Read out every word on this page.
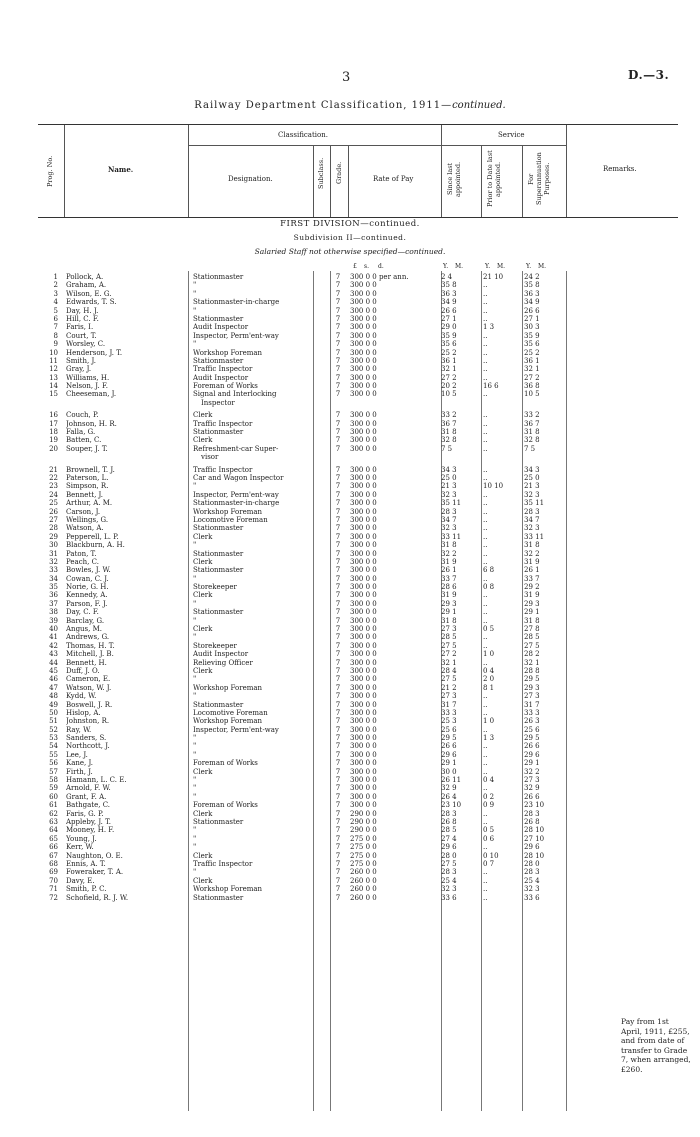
3	D.—3.
Railway Department Classification, 1911—continued.
Prog. No.	Name.
Classification.	Service
Designation.	Subclass. Grade.	Rate of Pay	Since last appointed.	Prior to Date last appointed.	For Superannuation Purposes.	Remarks.
FIRST DIVISION—continued.
Subdivision II—continued.
Salaried Staff not otherwise specified—continued.
£ s. d.	Y. M.	Y. M.	Y. M.
1 Pollock, A.	Stationmaster	7	300 0 0 per ann.	2 4	21 10	24 2
2 Graham, A.	"	7	300 0 0	35 8	..	35 8
3 Wilson, E. G.	"	7	300 0 0	36 3	..	36 3
4 Edwards, T. S.	Stationmaster-in-charge	7	300 0 0	34 9	..	34 9
5 Day, H. J.	"	7	300 0 0	26 6	..	26 6
6 Hill, C. F.	Stationmaster	7	300 0 0	27 1	..	27 1
7 Faris, I.	Audit Inspector	7	300 0 0	29 0	1 3	30 3
8 Court, T.	Inspector, Perm'ent-way	7	300 0 0	35 9	..	35 9
9 Worsley, C.	"	7	300 0 0	35 6	..	35 6
10 Henderson, J. T.	Workshop Foreman	7	300 0 0	25 2	..	25 2
11 Smith, J.	Stationmaster	7	300 0 0	36 1	..	36 1
12 Gray, J.	Traffic Inspector	7	300 0 0	32 1	..	32 1
13 Williams, H.	Audit Inspector	7	300 0 0	27 2	..	27 2
14 Nelson, J. F.	Foreman of Works	7	300 0 0	20 2	16 6	36 8
15 Cheeseman, J.	Signal and Interlocking	7	300 0 0	10 5	..	10 5
Inspector
16 Couch, P.	Clerk	7	300 0 0	33 2	..	33 2
17 Johnson, H. R.	Traffic Inspector	7	300 0 0	36 7	..	36 7
18 Falla, G.	Stationmaster	7	300 0 0	31 8	..	31 8
19 Batten, C.	Clerk	7	300 0 0	32 8	..	32 8
20 Souper, J. T.	Refreshment-car Super-	7	300 0 0	7 5	..	7 5
visor
21 Brownell, T. J.	Traffic Inspector	7	300 0 0	34 3	..	34 3
22 Paterson, L.	Car and Wagon Inspector	7	300 0 0	25 0	..	25 0
23 Simpson, R.	"	7	300 0 0	21 3	10 10	21 3
24 Bennett, J.	Inspector, Perm'ent-way	7	300 0 0	32 3	..	32 3
25 Arthur, A. M.	Stationmaster-in-charge	7	300 0 0	35 11	..	35 11
26 Carson, J.	Workshop Foreman	7	300 0 0	28 3	..	28 3
27 Wellings, G.	Locomotive Foreman	7	300 0 0	34 7	..	34 7
28 Watson, A.	Stationmaster	7	300 0 0	32 3	..	32 3
29 Pepperell, L. P.	Clerk	7	300 0 0	33 11	..	33 11
30 Blackburn, A. H.	"	7	300 0 0	31 8	..	31 8
31 Paton, T.	Stationmaster	7	300 0 0	32 2	..	32 2
32 Peach, C.	Clerk	7	300 0 0	31 9	..	31 9
33 Bowles, J. W.	Stationmaster	7	300 0 0	26 1	6 8	26 1
34 Cowan, C. J.	"	7	300 0 0	33 7	..	33 7
35 Norie, G. H.	Storekeeper	7	300 0 0	28 6	0 8	29 2
36 Kennedy, A.	Clerk	7	300 0 0	31 9	..	31 9
37 Parson, F. J.	"	7	300 0 0	29 3	..	29 3
38 Day, C. F.	Stationmaster	7	300 0 0	29 1	..	29 1
39 Barclay, G.	"	7	300 0 0	31 8	..	31 8
40 Angus, M.	Clerk	7	300 0 0	27 3	0 5	27 8
41 Andrews, G.	"	7	300 0 0	28 5	..	28 5
42 Thomas, H. T.	Storekeeper	7	300 0 0	27 5	..	27 5
43 Mitchell, J. B.	Audit Inspector	7	300 0 0	27 2	1 0	28 2
44 Bennett, H.	Relieving Officer	7	300 0 0	32 1	..	32 1
45 Duff, J. O.	Clerk	7	300 0 0	28 4	0 4	28 8
46 Cameron, E.	"	7	300 0 0	27 5	2 0	29 5
47 Watson, W. J.	Workshop Foreman	7	300 0 0	21 2	8 1	29 3
48 Kydd, W.	"	7	300 0 0	27 3	..	27 3
49 Boswell, J. R.	Stationmaster	7	300 0 0	31 7	..	31 7
50 Hislop, A.	Locomotive Foreman	7	300 0 0	33 3	..	33 3
51 Johnston, R.	Workshop Foreman	7	300 0 0	25 3	1 0	26 3
52 Ray, W.	Inspector, Perm'ent-way	7	300 0 0	25 6	..	25 6
53 Sanders, S.	"	7	300 0 0	29 5	1 3	29 5
54 Northcott, J.	"	7	300 0 0	26 6	..	26 6
55 Lee, J.	"	7	300 0 0	29 6	..	29 6
56 Kane, J.	Foreman of Works	7	300 0 0	29 1	..	29 1
57 Firth, J.	Clerk	7	300 0 0	30 0	..	32 2
58 Hamann, L. C. E.	"	7	300 0 0	26 11	0 4	27 3
59 Arnold, F. W.	"	7	300 0 0	32 9	..	32 9
60 Grant, F. A.	"	7	300 0 0	26 4	0 2	26 6
61 Bathgate, C.	Foreman of Works	7	300 0 0	23 10	0 9	23 10
62 Faris, G. P.	Clerk	7	290 0 0	28 3	..	28 3
63 Appleby, J. T.	Stationmaster	7	290 0 0	26 8	..	26 8
64 Mooney, H. F.	"	7	290 0 0	28 5	0 5	28 10
65 Young, J.	"	7	275 0 0	27 4	0 6	27 10
66 Kerr, W.	"	7	275 0 0	29 6	..	29 6
67 Naughton, O. E.	Clerk	7	275 0 0	28 0	0 10	28 10
68 Ennis, A. T.	Traffic Inspector	7	275 0 0	27 5	0 7	28 0
69 Foweraker, T. A.	"	7	260 0 0	28 3	..	28 3
70 Davy, E.	Clerk	7	260 0 0	25 4	..	25 4
71 Smith, P. C.	Workshop Foreman	7	260 0 0	32 3	..	32 3
72 Schofield, R. J. W.	Stationmaster	7	260 0 0	33 6	..	33 6
Pay from 1st April, 1911, £255, and from date of transfer to Grade 7, when arranged, £260.
